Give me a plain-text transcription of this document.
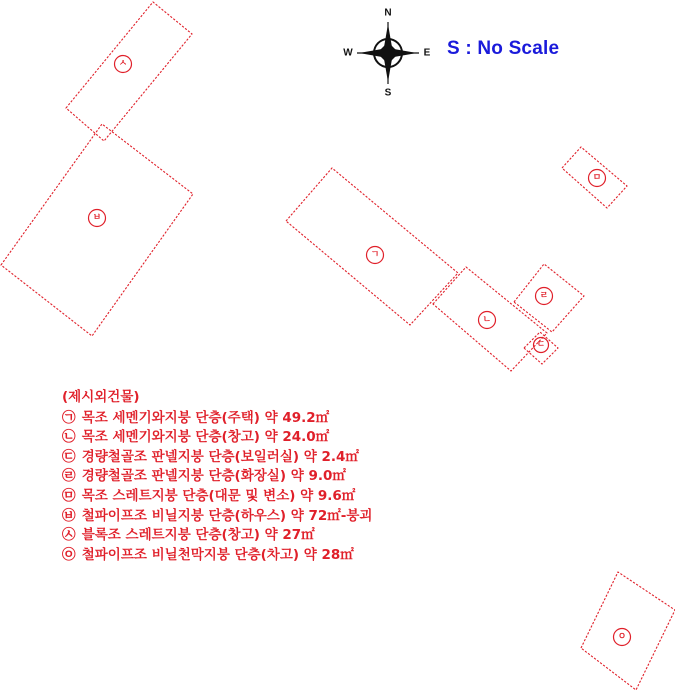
ㄱ
ㄴ
ㄷ
ㄹ
ㅁ
ㅂ
ㅅ
ㅇ
N
S
E
W	S : No Scale
(제시외건물)
㉠ 목조 세멘기와지붕 단층(주택) 약 49.2㎡
㉡ 목조 세멘기와지붕 단층(창고) 약 24.0㎡
㉢ 경량철골조 판넬지붕 단층(보일러실) 약 2.4㎡
㉣ 경량철골조 판넬지붕 단층(화장실) 약 9.0㎡
㉤ 목조 스레트지붕 단층(대문 및 변소) 약 9.6㎡
㉥ 철파이프조 비닐지붕 단층(하우스) 약 72㎡-붕괴
㉦ 블록조 스레트지붕 단층(창고) 약 27㎡
㉧ 철파이프조 비닐천막지붕 단층(차고) 약 28㎡
